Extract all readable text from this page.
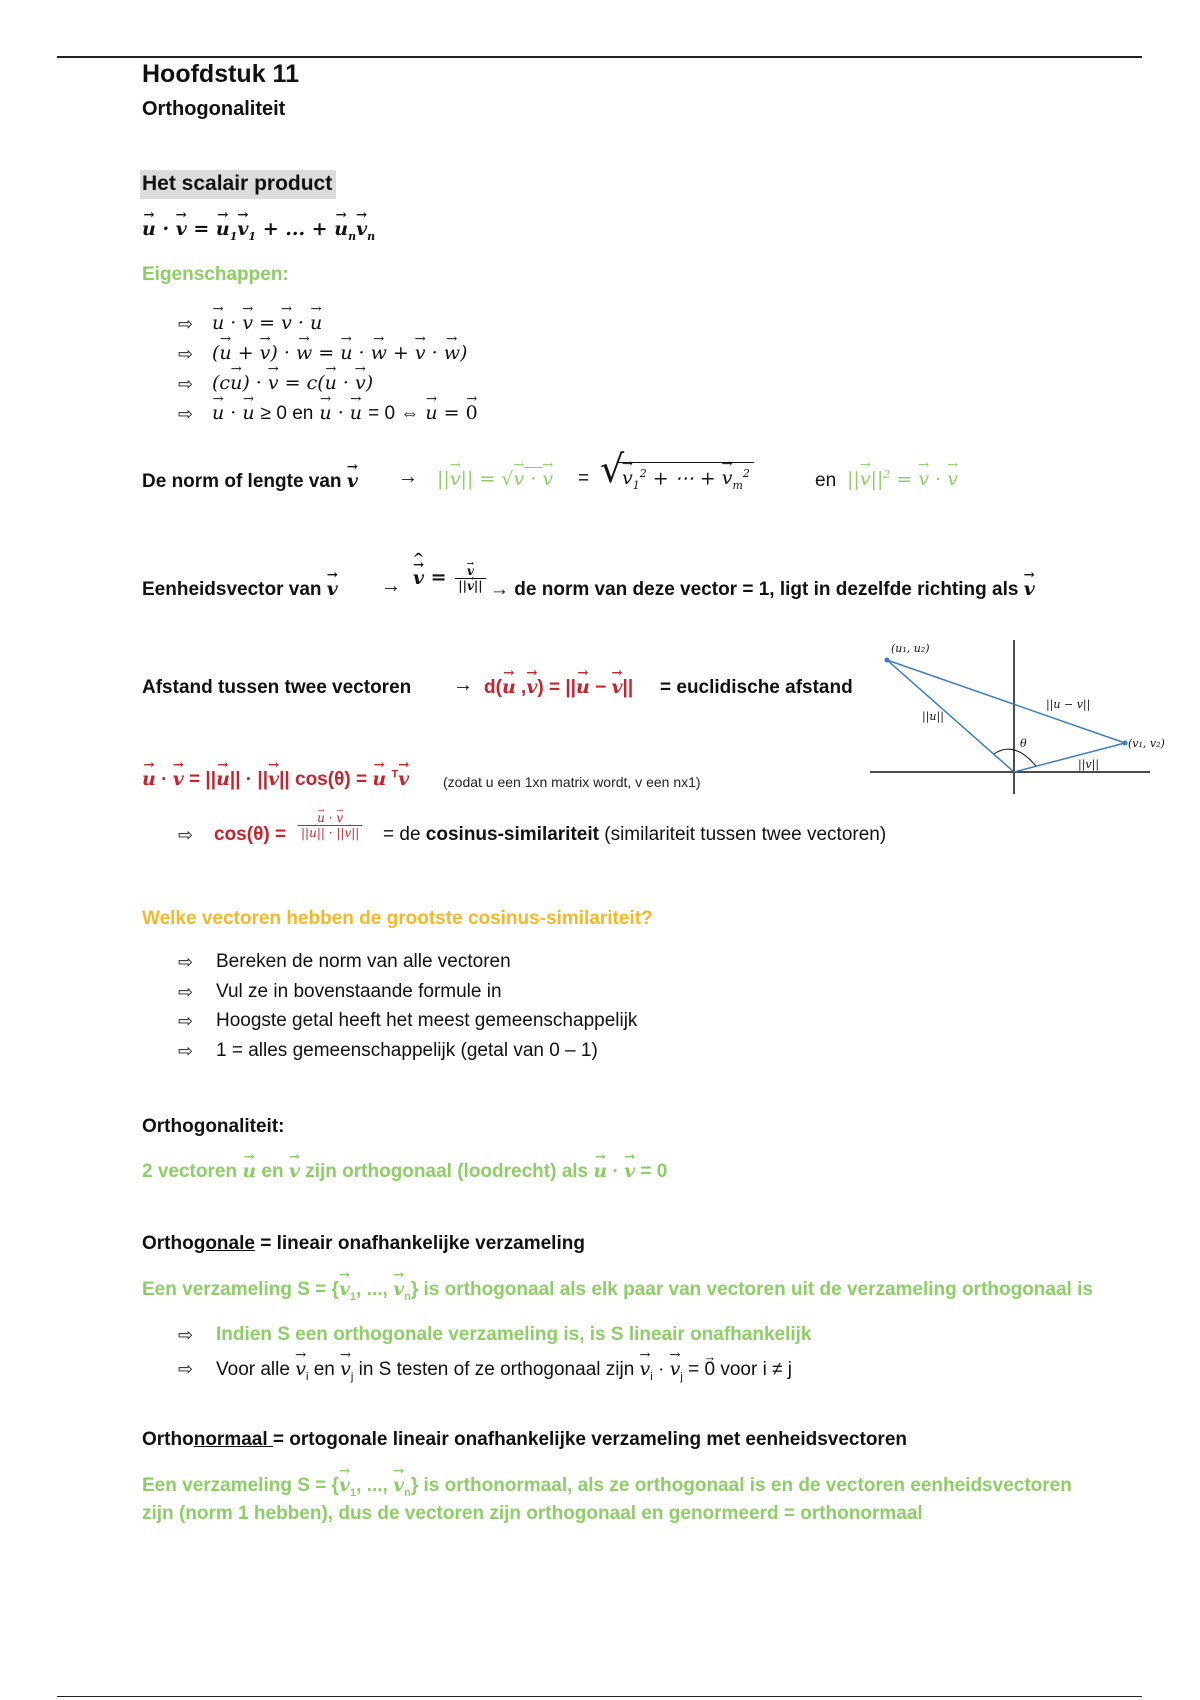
Hoofdstuk 11
Orthogonaliteit
Het scalair product
→ u · → v = → $u_1\to v_1$ + ... + → $u_n\to v_n$
Eigenschappen:
⇨ → u · → v = → v · → u
⇨ (→ u + → v) · → w = → u · → w + → v · → w)
⇨ (c→ u) · → v = c(→ u · → v)
⇨ → u · → u ≥ 0 en → u · → u = 0 ⇔ → u = → 0
De norm of lengte van → v → ||→ v|| = √→ v · → v = √
→ $v_1^2$ + ⋯ + → $v_m^2$	en ||→ $v||^2$ = → v · → v
Eenheidsvector van → v → → v ^ = → $\frac{v}{||\to v||}$ → de norm van deze vector = 1, ligt in dezelfde richting als → v
Afstand tussen twee vectoren → d(→ u ,→ v) = ||→ u − → v|| = euclidische afstand
(u₁, u₂)
(v₁, v₂)
||u − v||
||u||
||v||
θ
→ u · → v = ||→ u|| · ||→ v|| cos(θ) = → u $^T$→ v (zodat u een 1xn matrix wordt, v een nx1)
⇨ cos(θ) = → $\frac{u \cdot \to v}{||\to u|| \cdot ||\to v||}$ = de cosinus-similariteit (similariteit tussen twee vectoren)
Welke vectoren hebben de grootste cosinus-similariteit?
⇨ Bereken de norm van alle vectoren
⇨ Vul ze in bovenstaande formule in
⇨ Hoogste getal heeft het meest gemeenschappelijk
⇨ 1 = alles gemeenschappelijk (getal van 0 – 1)
Orthogonaliteit:
2 vectoren → u en → v zijn orthogonaal (loodrecht) als → u · → v = 0
Orthogonale = lineair onafhankelijke verzameling
Een verzameling S = {→ $v_1$, ..., → $v_n$} is orthogonaal als elk paar van vectoren uit de verzameling orthogonaal is
⇨ Indien S een orthogonale verzameling is, is S lineair onafhankelijk
⇨ Voor alle → $v_i$ en → $v_j$ in S testen of ze orthogonaal zijn → $v_i$ · → $v_j$ = → 0 voor i ≠ j
Orthonormaal = ortogonale lineair onafhankelijke verzameling met eenheidsvectoren
Een verzameling S = {→ $v_1$, ..., → $v_n$} is orthonormaal, als ze orthogonaal is en de vectoren eenheidsvectoren
zijn (norm 1 hebben), dus de vectoren zijn orthogonaal en genormeerd = orthonormaal
